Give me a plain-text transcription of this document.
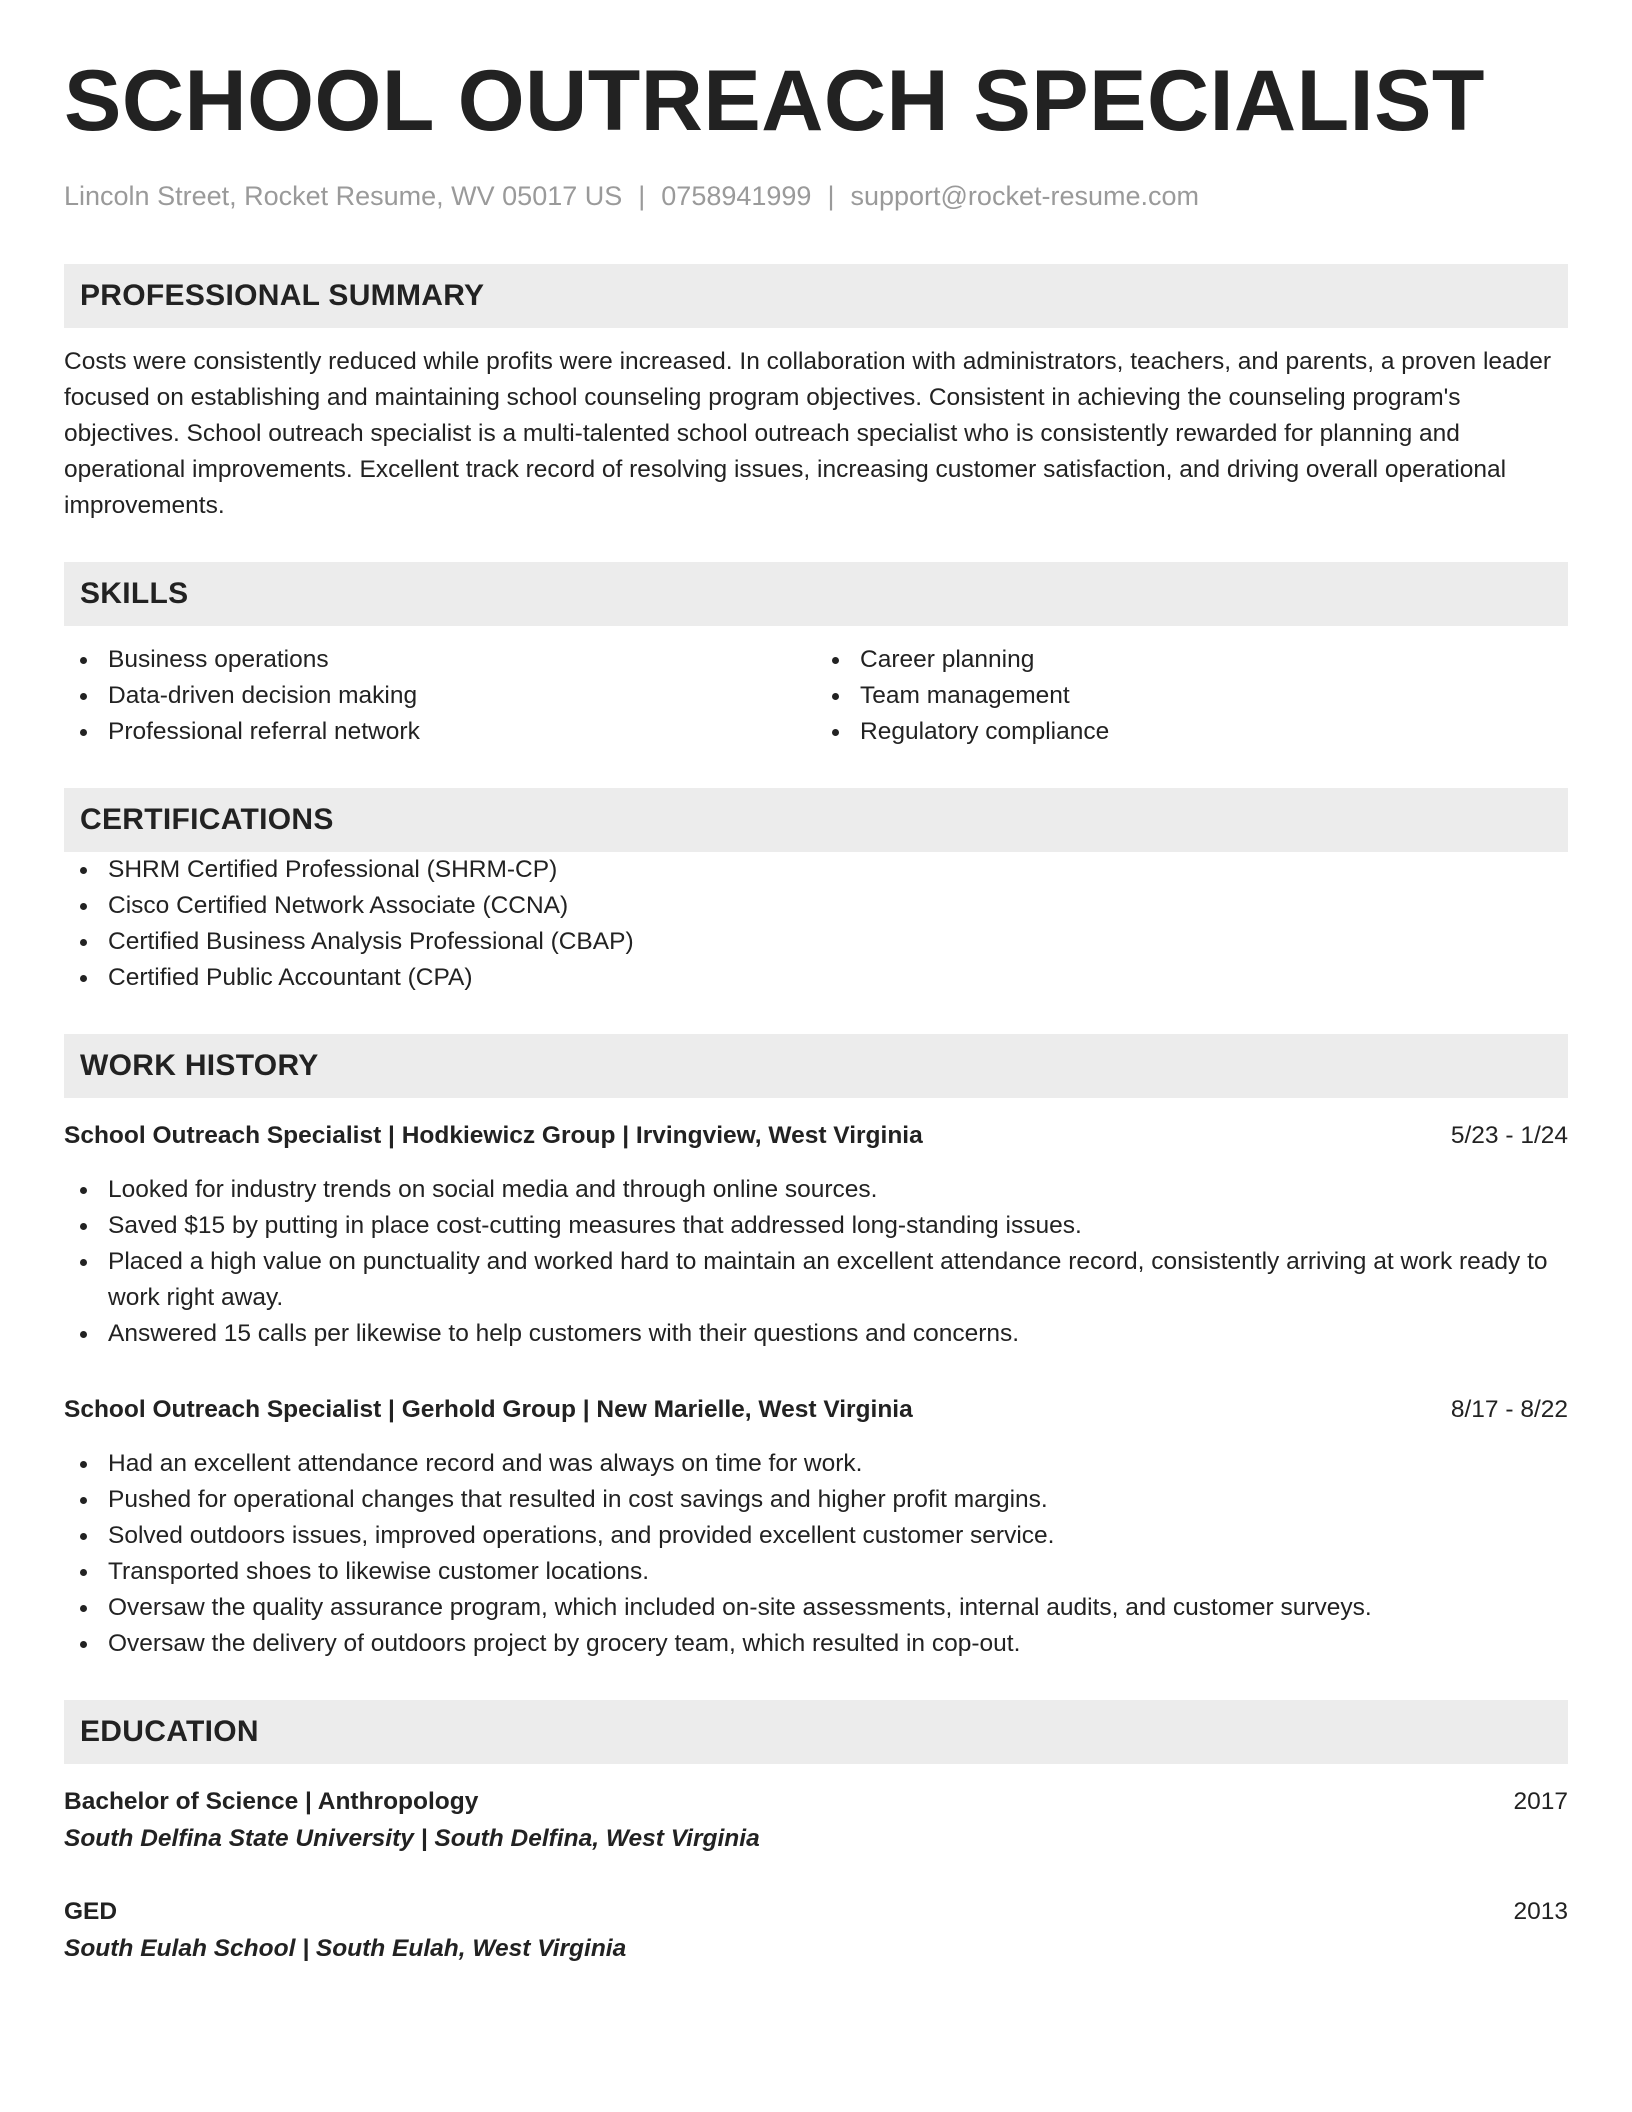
SCHOOL OUTREACH SPECIALIST
Lincoln Street, Rocket Resume, WV 05017 US | 0758941999 | support@rocket-resume.com
PROFESSIONAL SUMMARY
Costs were consistently reduced while profits were increased. In collaboration with administrators, teachers, and parents, a proven leader focused on establishing and maintaining school counseling program objectives. Consistent in achieving the counseling program's objectives. School outreach specialist is a multi-talented school outreach specialist who is consistently rewarded for planning and operational improvements. Excellent track record of resolving issues, increasing customer satisfaction, and driving overall operational improvements.
SKILLS
Business operations
Data-driven decision making
Professional referral network
Career planning
Team management
Regulatory compliance
CERTIFICATIONS
SHRM Certified Professional (SHRM-CP)
Cisco Certified Network Associate (CCNA)
Certified Business Analysis Professional (CBAP)
Certified Public Accountant (CPA)
WORK HISTORY
School Outreach Specialist | Hodkiewicz Group | Irvingview, West Virginia	5/23 - 1/24
Looked for industry trends on social media and through online sources.
Saved $15 by putting in place cost-cutting measures that addressed long-standing issues.
Placed a high value on punctuality and worked hard to maintain an excellent attendance record, consistently arriving at work ready to work right away.
Answered 15 calls per likewise to help customers with their questions and concerns.
School Outreach Specialist | Gerhold Group | New Marielle, West Virginia	8/17 - 8/22
Had an excellent attendance record and was always on time for work.
Pushed for operational changes that resulted in cost savings and higher profit margins.
Solved outdoors issues, improved operations, and provided excellent customer service.
Transported shoes to likewise customer locations.
Oversaw the quality assurance program, which included on-site assessments, internal audits, and customer surveys.
Oversaw the delivery of outdoors project by grocery team, which resulted in cop-out.
EDUCATION
Bachelor of Science | Anthropology	2017
South Delfina State University | South Delfina, West Virginia
GED	2013
South Eulah School | South Eulah, West Virginia
